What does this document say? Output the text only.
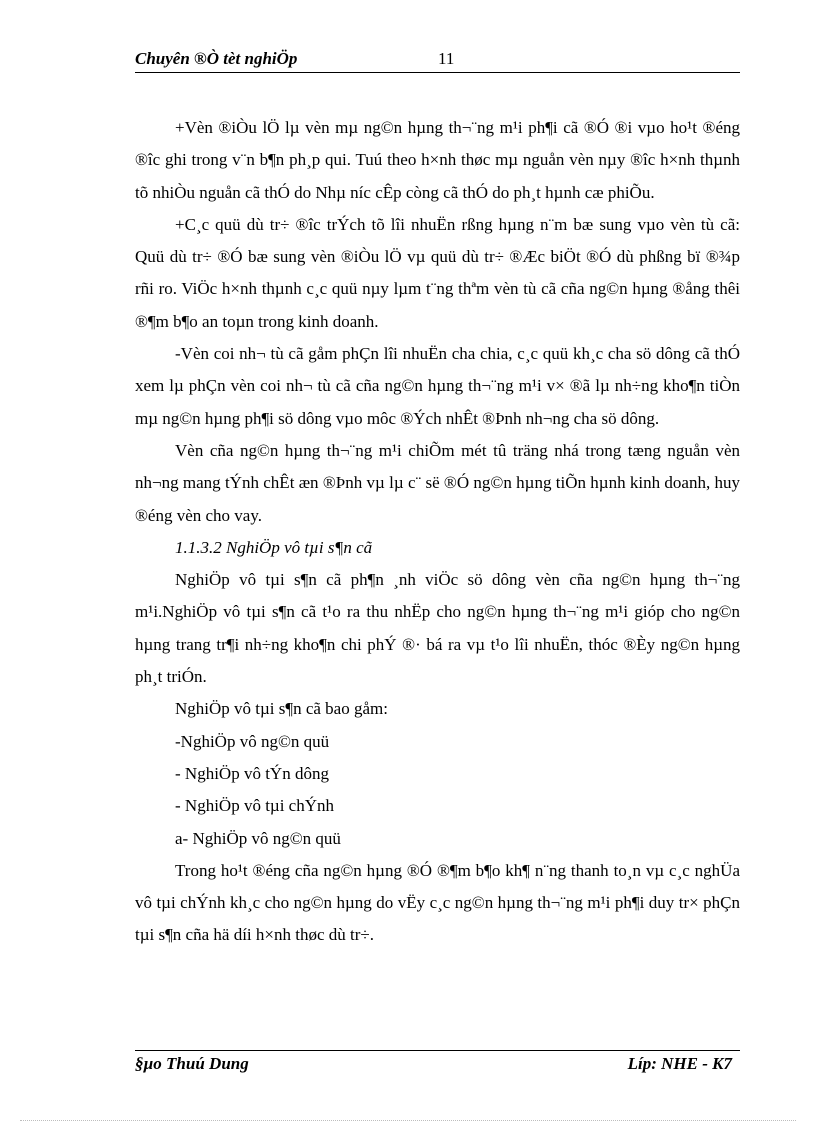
Chuyên ®Ò tèt nghiÖp	11

+Vèn ®iÒu lÖ lµ vèn mµ ng©n hµng th¬¨ng m¹i ph¶i cã ®Ó ®i vµo ho¹t ®éng ®îc ghi trong v¨n b¶n ph¸p qui. Tuú theo h×nh thøc mµ nguån vèn nµy ®îc h×nh thµnh tõ nhiÒu nguån cã thÓ do Nhµ níc cÊp còng cã thÓ do ph¸t hµnh cæ phiÕu.

+C¸c quü dù tr÷ ®îc trÝch tõ lîi nhuËn rßng hµng n¨m bæ sung vµo vèn tù cã: Quü dù tr÷ ®Ó bæ sung vèn ®iÒu lÖ vµ quü dù tr÷ ®Æc biÖt ®Ó dù phßng bï ®¾p rñi ro. ViÖc h×nh thµnh c¸c quü nµy lµm t¨ng thªm vèn tù cã cña ng©n hµng ®ång thêi ®¶m b¶o an toµn trong kinh doanh.

-Vèn coi nh¬ tù cã gåm phÇn lîi nhuËn cha chia, c¸c quü kh¸c cha sö dông cã thÓ xem lµ phÇn vèn coi nh¬ tù cã cña ng©n hµng th¬¨ng m¹i v× ®ã lµ nh÷ng kho¶n tiÒn mµ ng©n hµng ph¶i sö dông vµo môc ®Ých nhÊt ®Þnh nh¬ng cha sö dông.

Vèn cña ng©n hµng th¬¨ng m¹i chiÕm mét tû träng nhá trong tæng nguån vèn nh¬ng mang tÝnh chÊt æn ®Þnh vµ lµ c¨ së ®Ó ng©n hµng tiÕn hµnh kinh doanh, huy ®éng vèn cho vay.

1.1.3.2 NghiÖp vô tµi s¶n cã

NghiÖp vô tµi s¶n cã ph¶n ¸nh viÖc sö dông vèn cña ng©n hµng th¬¨ng m¹i.NghiÖp vô tµi s¶n cã t¹o ra thu nhËp cho ng©n hµng th¬¨ng m¹i gióp cho ng©n hµng trang tr¶i nh÷ng kho¶n chi phÝ ®· bá ra vµ t¹o lîi nhuËn, thóc ®Èy ng©n hµng ph¸t triÓn.

NghiÖp vô tµi s¶n cã bao gåm:

-NghiÖp vô ng©n quü

- NghiÖp vô tÝn dông

- NghiÖp vô tµi chÝnh

a- NghiÖp vô ng©n quü

Trong ho¹t ®éng cña ng©n hµng ®Ó ®¶m b¶o kh¶ n¨ng thanh to¸n vµ c¸c nghÜa vô tµi chÝnh kh¸c cho ng©n hµng do vËy c¸c ng©n hµng th¬¨ng m¹i ph¶i duy tr× phÇn tµi s¶n cña hä díi h×nh thøc dù tr÷.

§µo Thuú Dung	Líp: NHE - K7
